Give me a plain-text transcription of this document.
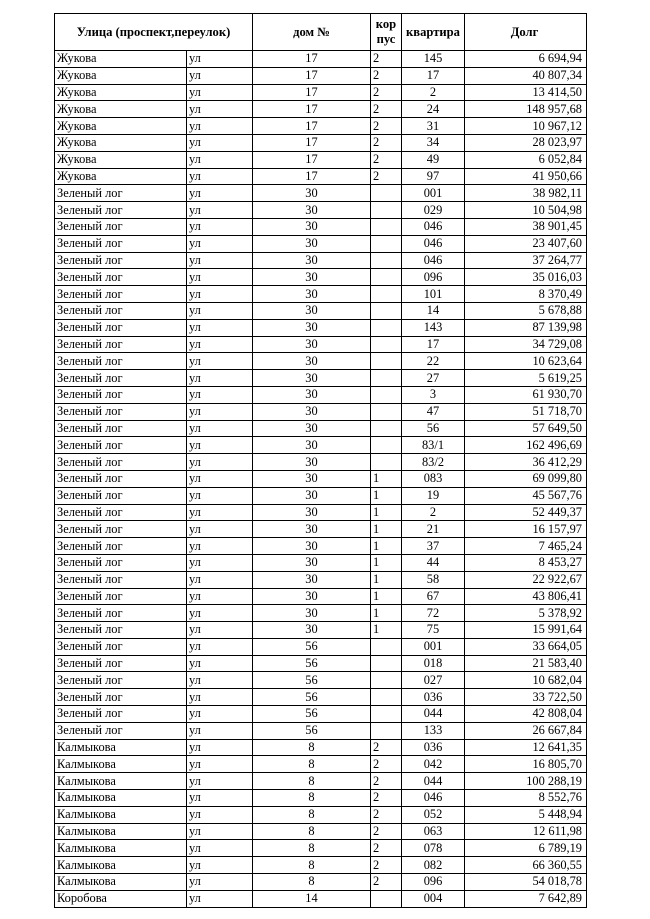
Улица (проспект,переулок)		дом №	кор пус	квартира	Долг
Жукова	ул	17	2	145	6 694,94
Жукова	ул	17	2	17	40 807,34
Жукова	ул	17	2	2	13 414,50
Жукова	ул	17	2	24	148 957,68
Жукова	ул	17	2	31	10 967,12
Жукова	ул	17	2	34	28 023,97
Жукова	ул	17	2	49	6 052,84
Жукова	ул	17	2	97	41 950,66
Зеленый лог	ул	30		001	38 982,11
Зеленый лог	ул	30		029	10 504,98
Зеленый лог	ул	30		046	38 901,45
Зеленый лог	ул	30		046	23 407,60
Зеленый лог	ул	30		046	37 264,77
Зеленый лог	ул	30		096	35 016,03
Зеленый лог	ул	30		101	8 370,49
Зеленый лог	ул	30		14	5 678,88
Зеленый лог	ул	30		143	87 139,98
Зеленый лог	ул	30		17	34 729,08
Зеленый лог	ул	30		22	10 623,64
Зеленый лог	ул	30		27	5 619,25
Зеленый лог	ул	30		3	61 930,70
Зеленый лог	ул	30		47	51 718,70
Зеленый лог	ул	30		56	57 649,50
Зеленый лог	ул	30		83/1	162 496,69
Зеленый лог	ул	30		83/2	36 412,29
Зеленый лог	ул	30	1	083	69 099,80
Зеленый лог	ул	30	1	19	45 567,76
Зеленый лог	ул	30	1	2	52 449,37
Зеленый лог	ул	30	1	21	16 157,97
Зеленый лог	ул	30	1	37	7 465,24
Зеленый лог	ул	30	1	44	8 453,27
Зеленый лог	ул	30	1	58	22 922,67
Зеленый лог	ул	30	1	67	43 806,41
Зеленый лог	ул	30	1	72	5 378,92
Зеленый лог	ул	30	1	75	15 991,64
Зеленый лог	ул	56		001	33 664,05
Зеленый лог	ул	56		018	21 583,40
Зеленый лог	ул	56		027	10 682,04
Зеленый лог	ул	56		036	33 722,50
Зеленый лог	ул	56		044	42 808,04
Зеленый лог	ул	56		133	26 667,84
Калмыкова	ул	8	2	036	12 641,35
Калмыкова	ул	8	2	042	16 805,70
Калмыкова	ул	8	2	044	100 288,19
Калмыкова	ул	8	2	046	8 552,76
Калмыкова	ул	8	2	052	5 448,94
Калмыкова	ул	8	2	063	12 611,98
Калмыкова	ул	8	2	078	6 789,19
Калмыкова	ул	8	2	082	66 360,55
Калмыкова	ул	8	2	096	54 018,78
Коробова	ул	14		004	7 642,89
